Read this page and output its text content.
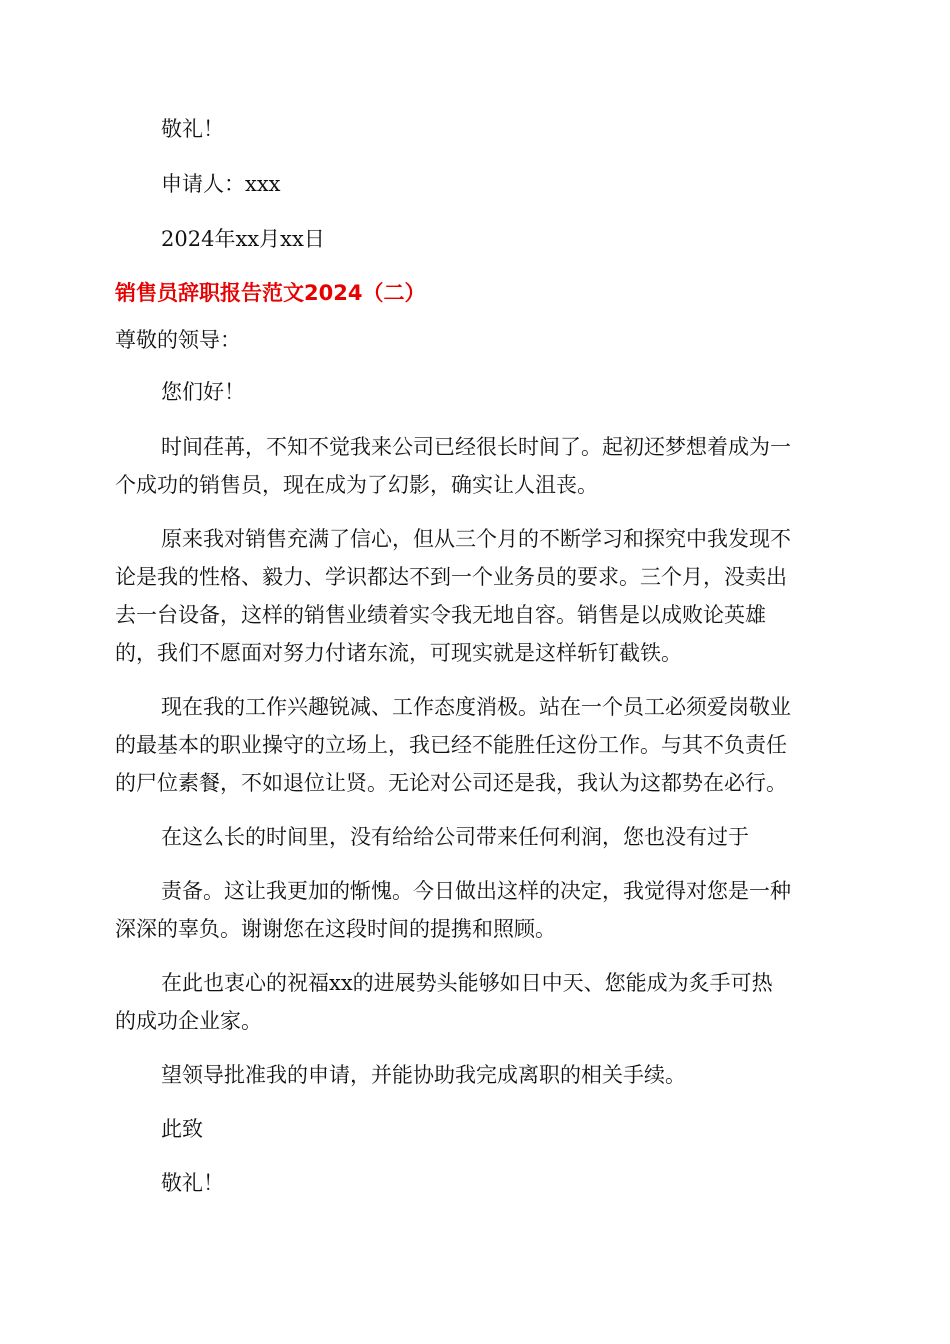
敬礼！

申请人：xxx

2024年xx月xx日

销售员辞职报告范文2024（二）

尊敬的领导：

您们好！

时间荏苒，不知不觉我来公司已经很长时间了。起初还梦想着成为一

个成功的销售员，现在成为了幻影，确实让人沮丧。

原来我对销售充满了信心，但从三个月的不断学习和探究中我发现不

论是我的性格、毅力、学识都达不到一个业务员的要求。三个月，没卖出

去一台设备，这样的销售业绩着实令我无地自容。销售是以成败论英雄

的，我们不愿面对努力付诸东流，可现实就是这样斩钉截铁。

现在我的工作兴趣锐减、工作态度消极。站在一个员工必须爱岗敬业

的最基本的职业操守的立场上，我已经不能胜任这份工作。与其不负责任

的尸位素餐，不如退位让贤。无论对公司还是我，我认为这都势在必行。

在这么长的时间里，没有给给公司带来任何利润，您也没有过于

责备。这让我更加的惭愧。今日做出这样的决定，我觉得对您是一种

深深的辜负。谢谢您在这段时间的提携和照顾。

在此也衷心的祝福xx的进展势头能够如日中天、您能成为炙手可热

的成功企业家。

望领导批准我的申请，并能协助我完成离职的相关手续。

此致

敬礼！
